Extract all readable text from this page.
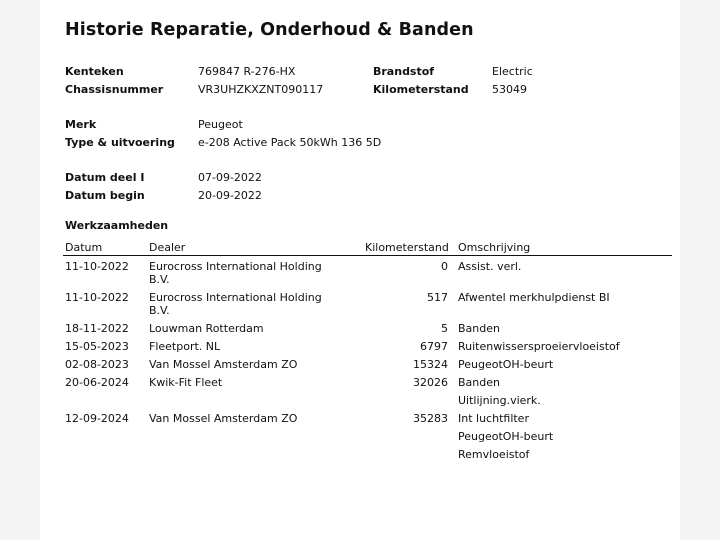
Historie Reparatie, Onderhoud & Banden
Kenteken	769847 R-276-HX	Brandstof	Electric
Chassisnummer	VR3UHZKXZNT090117	Kilometerstand 53049
Merk	Peugeot
Type & uitvoering e-208 Active Pack 50kWh 136 5D
Datum deel I	07-09-2022
Datum begin	20-09-2022
Werkzaamheden
Datum	Dealer	Kilometerstand Omschrijving
11-10-2022 Eurocross International Holding
B.V.
0 Assist. verl.
11-10-2022 Eurocross International Holding
B.V.
517 Afwentel merkhulpdienst BI
18-11-2022 Louwman Rotterdam	5 Banden
15-05-2023 Fleetport. NL	6797 Ruitenwissersproeiervloeistof
02-08-2023 Van Mossel Amsterdam ZO	15324 PeugeotOH-beurt
20-06-2024 Kwik-Fit Fleet	32026 Banden
Uitlijning.vierk.
12-09-2024 Van Mossel Amsterdam ZO	35283 Int luchtfilter
PeugeotOH-beurt
Remvloeistof
